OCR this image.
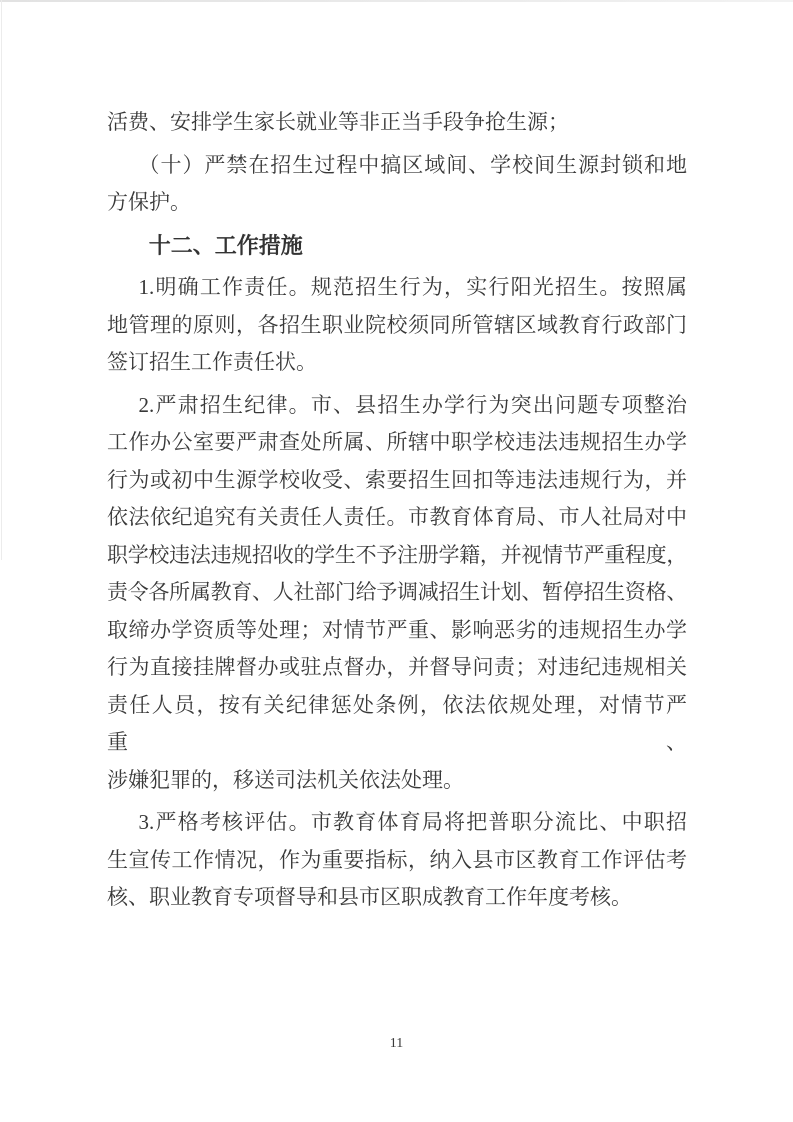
活费、安排学生家长就业等非正当手段争抢生源；
（十）严禁在招生过程中搞区域间、学校间生源封锁和地
方保护。
十二、工作措施
1.明确工作责任。规范招生行为，实行阳光招生。按照属
地管理的原则，各招生职业院校须同所管辖区域教育行政部门
签订招生工作责任状。
2.严肃招生纪律。市、县招生办学行为突出问题专项整治
工作办公室要严肃查处所属、所辖中职学校违法违规招生办学
行为或初中生源学校收受、索要招生回扣等违法违规行为，并
依法依纪追究有关责任人责任。市教育体育局、市人社局对中
职学校违法违规招收的学生不予注册学籍，并视情节严重程度，
责令各所属教育、人社部门给予调减招生计划、暂停招生资格、
取缔办学资质等处理；对情节严重、影响恶劣的违规招生办学
行为直接挂牌督办或驻点督办，并督导问责；对违纪违规相关
责任人员，按有关纪律惩处条例，依法依规处理，对情节严重、
涉嫌犯罪的，移送司法机关依法处理。
3.严格考核评估。市教育体育局将把普职分流比、中职招
生宣传工作情况，作为重要指标，纳入县市区教育工作评估考
核、职业教育专项督导和县市区职成教育工作年度考核。
11
